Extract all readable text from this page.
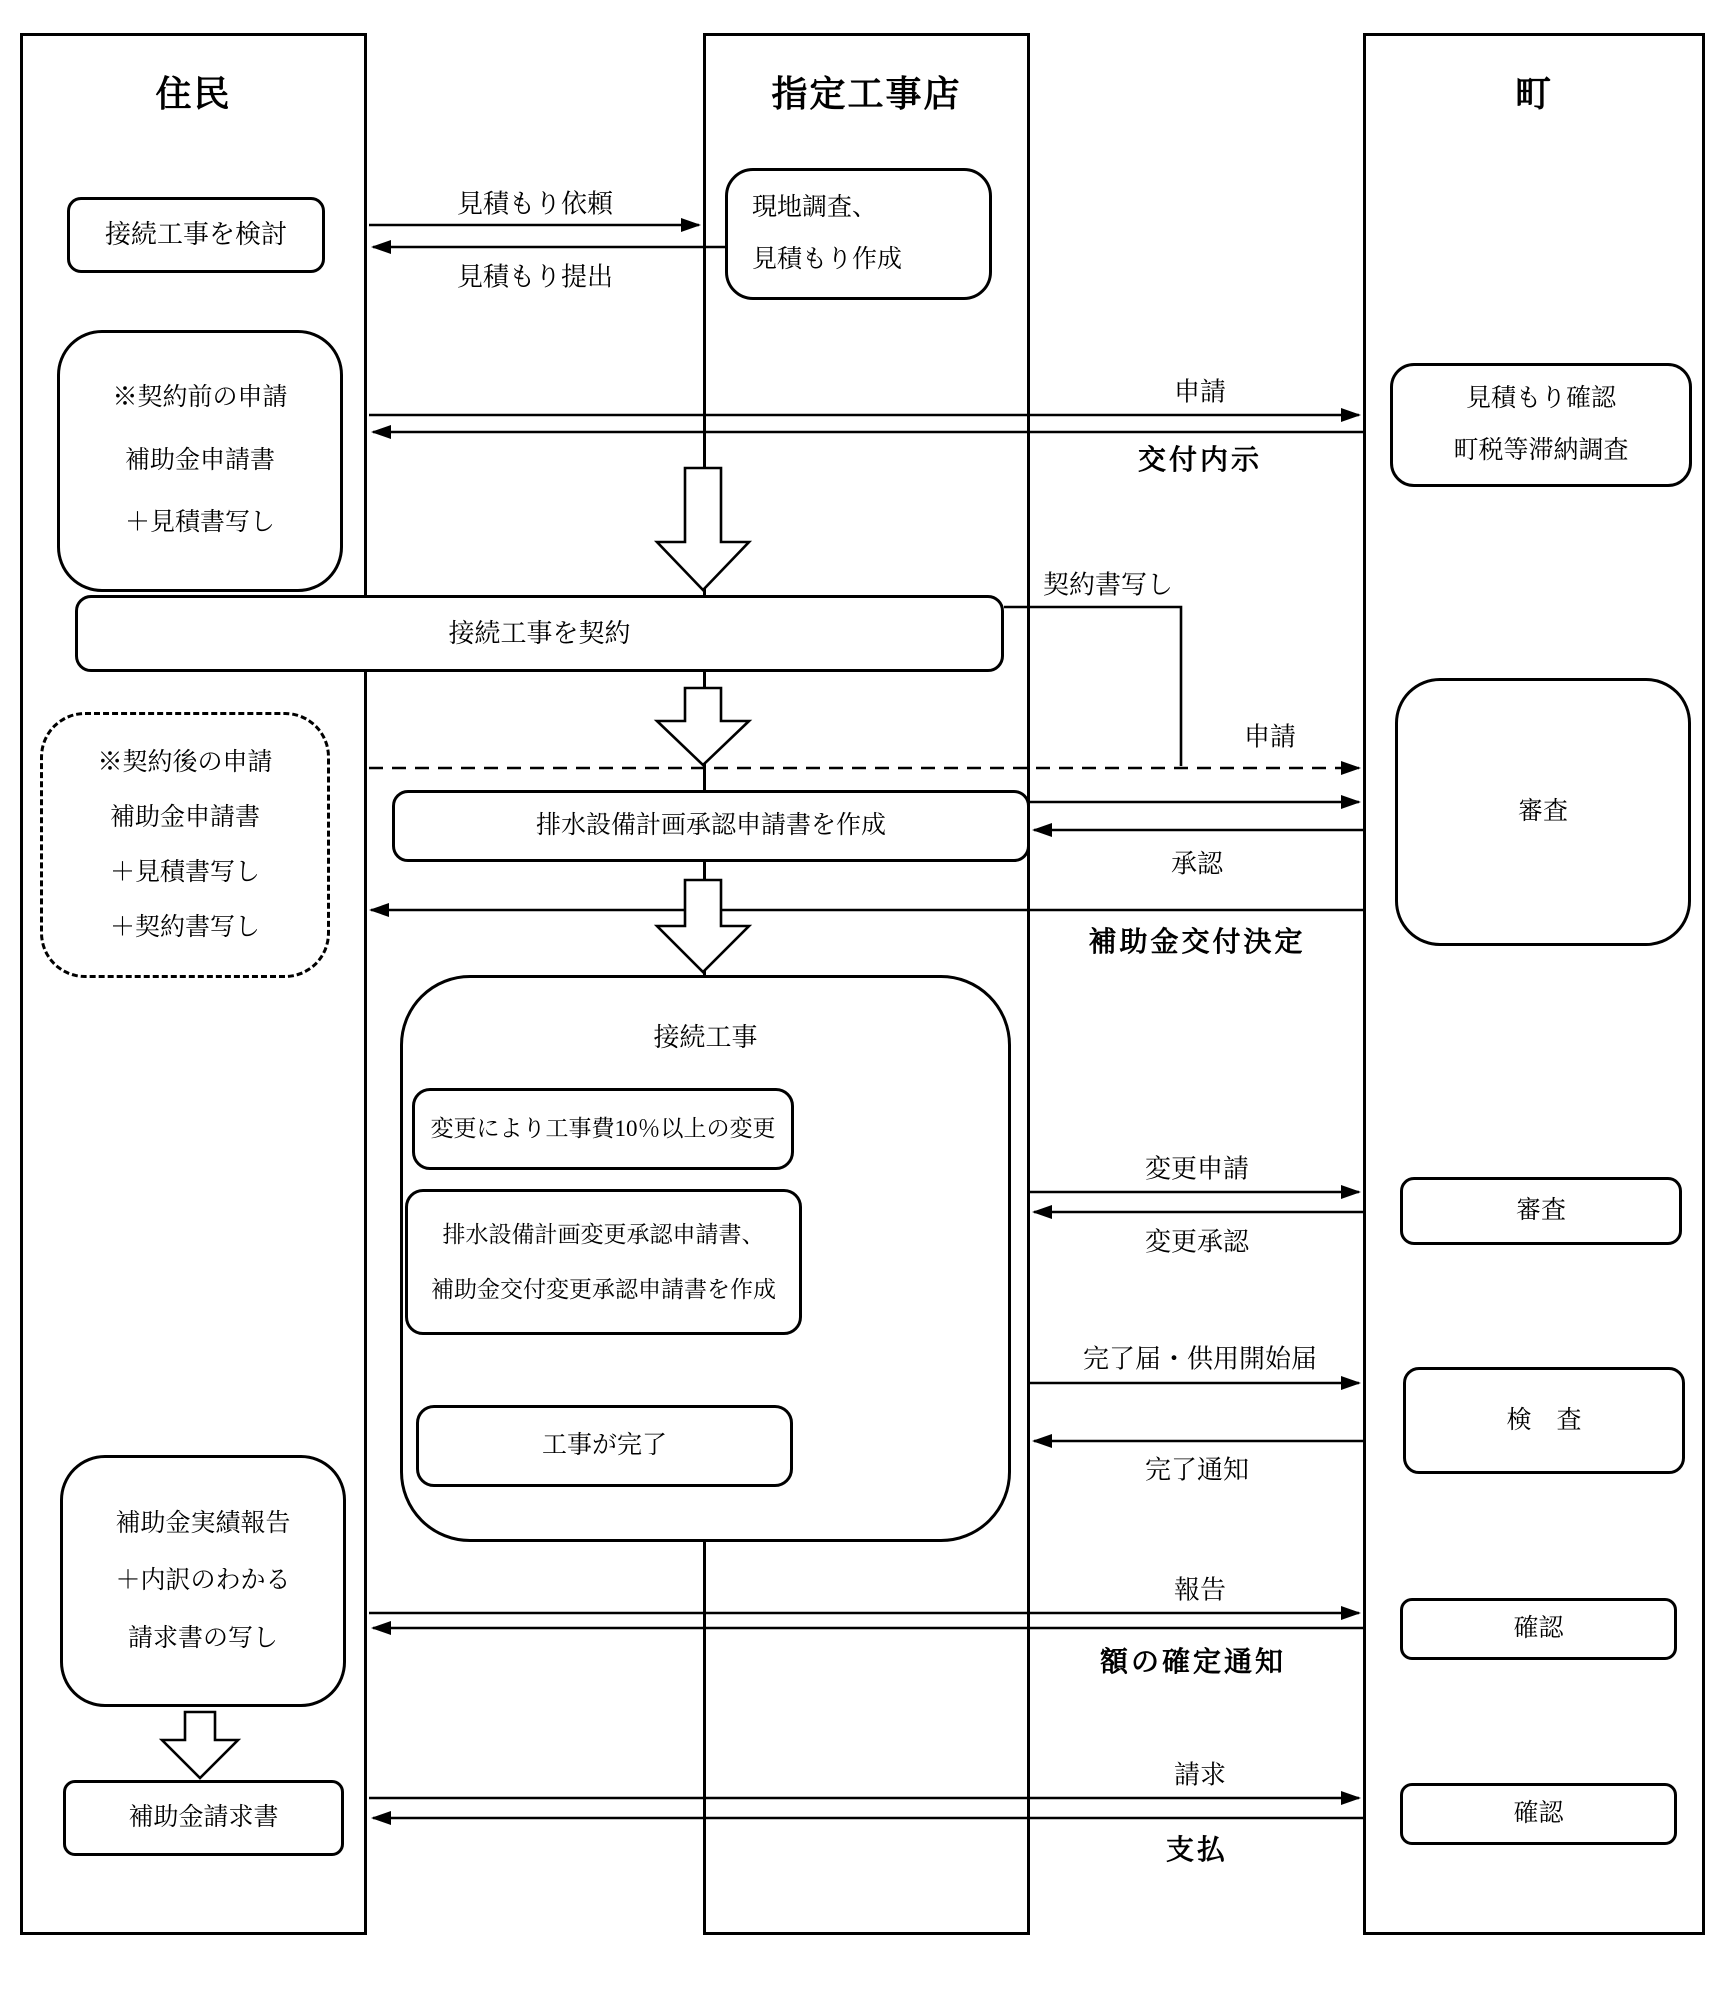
住民	指定工事店	町
接続工事を検討
※契約前の申請
補助金申請書
＋見積書写し
※契約後の申請
補助金申請書
＋見積書写し
＋契約書写し
補助金実績報告
＋内訳のわかる
請求書の写し
補助金請求書
現地調査、
見積もり作成
接続工事を契約
排水設備計画承認申請書を作成
接続工事
変更により工事費10％以上の変更
排水設備計画変更承認申請書、
補助金交付変更承認申請書を作成
工事が完了
見積もり確認
町税等滞納調査
審査
審査
検　査
確認
確認
見積もり依頼
見積もり提出
申請
交付内示
契約書写し
申請
承認
補助金交付決定
変更申請
変更承認
完了届・供用開始届
完了通知
報告
額の確定通知
請求
支払
